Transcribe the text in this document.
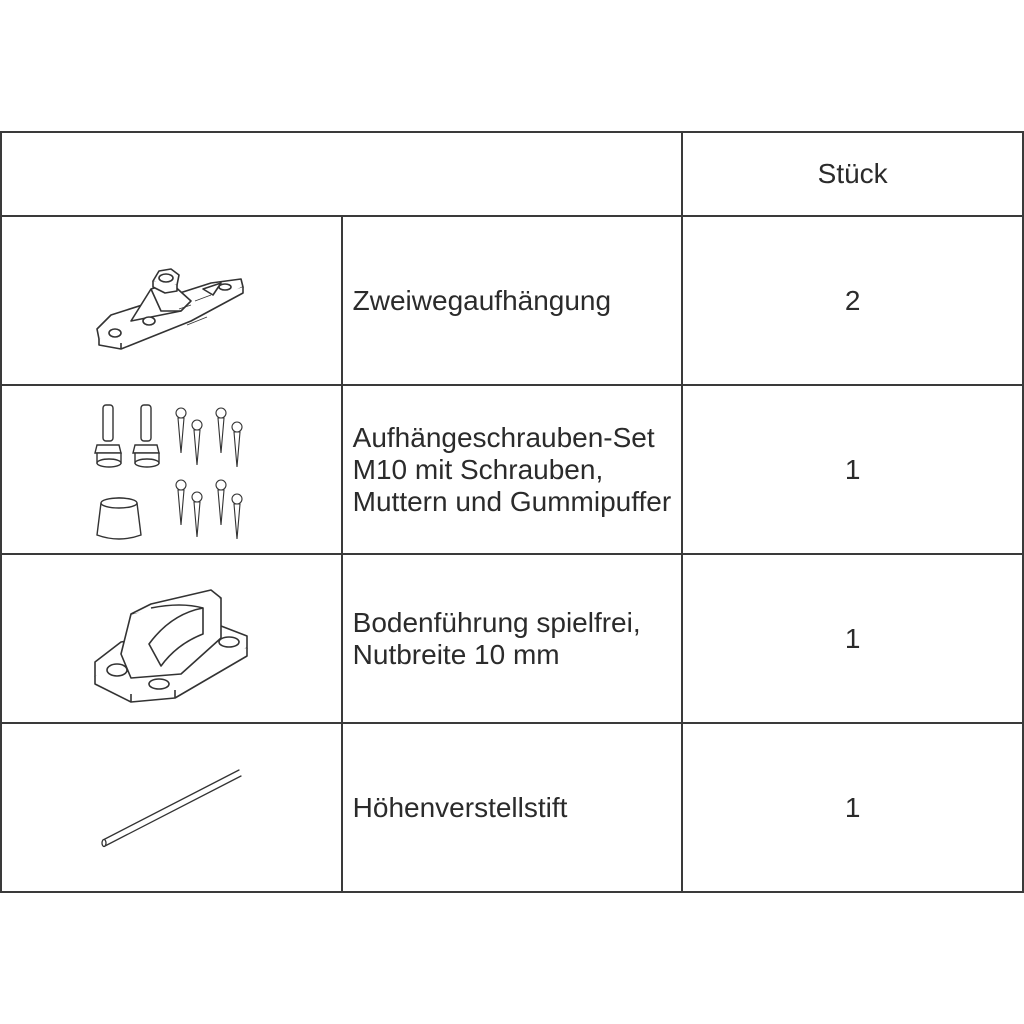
		Stück

Zweiwegaufhängung	2

Aufhängeschrauben-Set M10 mit Schrauben,
Muttern und Gummipuffer	1

Bodenführung spielfrei, Nutbreite 10 mm	1

Höhenverstellstift	1
